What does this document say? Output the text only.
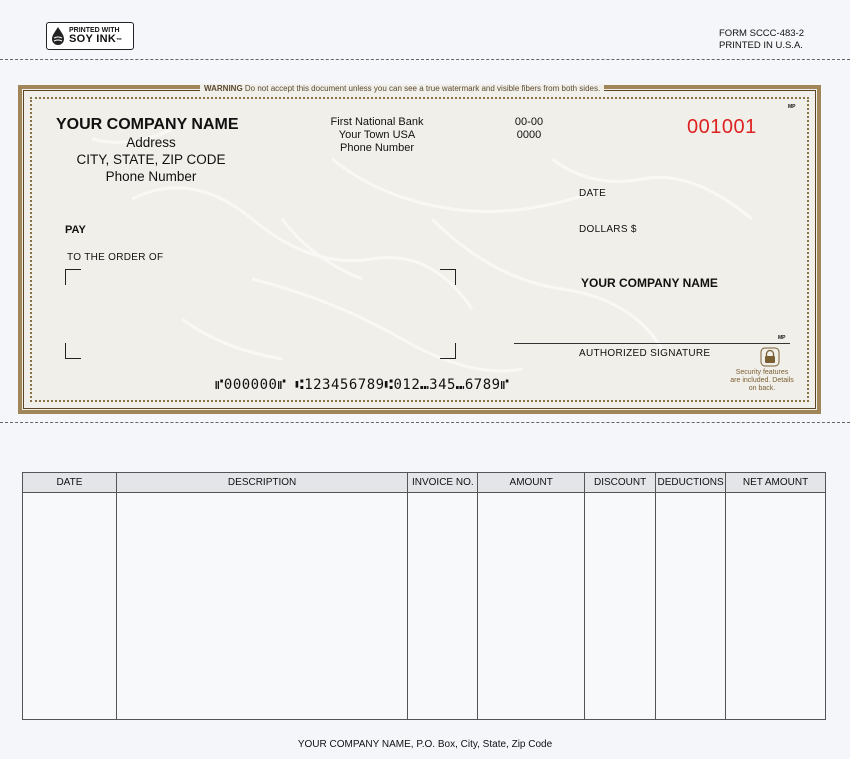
PRINTED WITH
SOY INK™
FORM SCCC-483-2
PRINTED IN U.S.A.
WARNING Do not accept this document unless you can see a true watermark and visible fibers from both sides.
YOUR COMPANY NAME
Address
CITY, STATE, ZIP CODE
Phone Number
First National Bank
Your Town USA
Phone Number
00-00
0000	001001
MP
DATE
DOLLARS $
PAY
TO THE ORDER OF
YOUR COMPANY NAME
MP
AUTHORIZED SIGNATURE
Security features are included. Details on back.
⑈000000⑈ ⑆123456789⑆012⑉345⑉6789⑈
DATE	DESCRIPTION	INVOICE NO.	AMOUNT	DISCOUNT	DEDUCTIONS	NET AMOUNT

YOUR COMPANY NAME, P.O. Box, City, State, Zip Code
